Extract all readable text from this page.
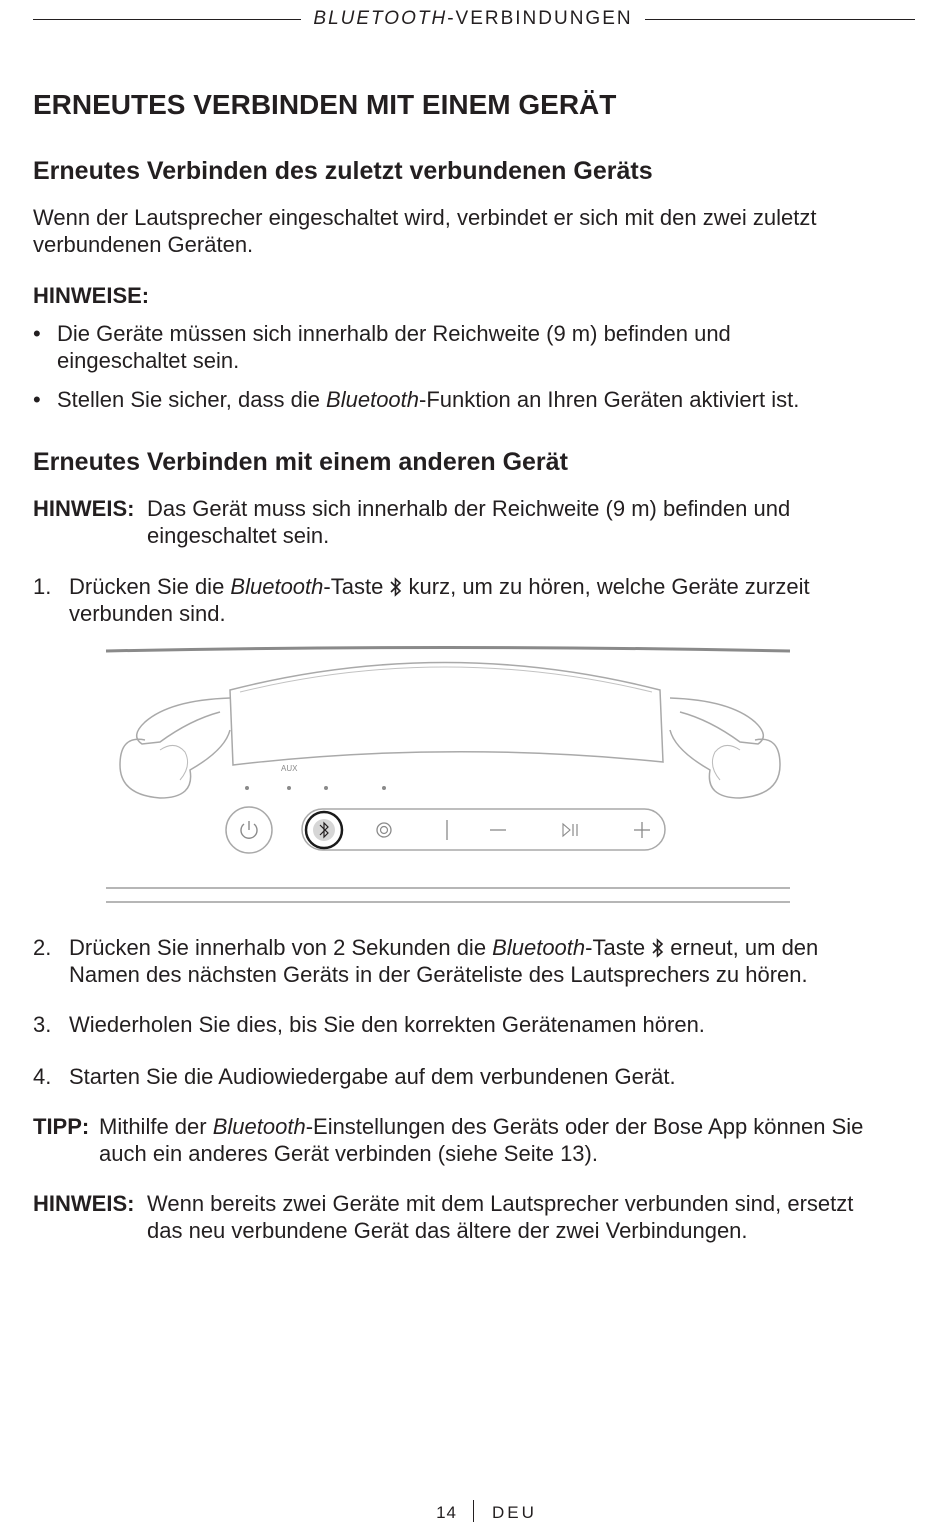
BLUETOOTH-VERBINDUNGEN
ERNEUTES VERBINDEN MIT EINEM GERÄT
Erneutes Verbinden des zuletzt verbundenen Geräts
Wenn der Lautsprecher eingeschaltet wird, verbindet er sich mit den zwei zuletzt
verbundenen Geräten.
HINWEISE:
• Die Geräte müssen sich innerhalb der Reichweite (9 m) befinden und
eingeschaltet sein.
• Stellen Sie sicher, dass die Bluetooth-Funktion an Ihren Geräten aktiviert ist.
Erneutes Verbinden mit einem anderen Gerät
HINWEIS: Das Gerät muss sich innerhalb der Reichweite (9 m) befinden und
eingeschaltet sein.
1. Drücken Sie die Bluetooth-Taste  kurz, um zu hören, welche Geräte zurzeit
verbunden sind.
2. Drücken Sie innerhalb von 2 Sekunden die Bluetooth-Taste  erneut, um den
Namen des nächsten Geräts in der Geräteliste des Lautsprechers zu hören.
3. Wiederholen Sie dies, bis Sie den korrekten Gerätenamen hören.
4. Starten Sie die Audiowiedergabe auf dem verbundenen Gerät.
TIPP: Mithilfe der Bluetooth-Einstellungen des Geräts oder der Bose App können Sie
auch ein anderes Gerät verbinden (siehe Seite 13).
HINWEIS: Wenn bereits zwei Geräte mit dem Lautsprecher verbunden sind, ersetzt
das neu verbundene Gerät das ältere der zwei Verbindungen.
AUX
14 DEU
